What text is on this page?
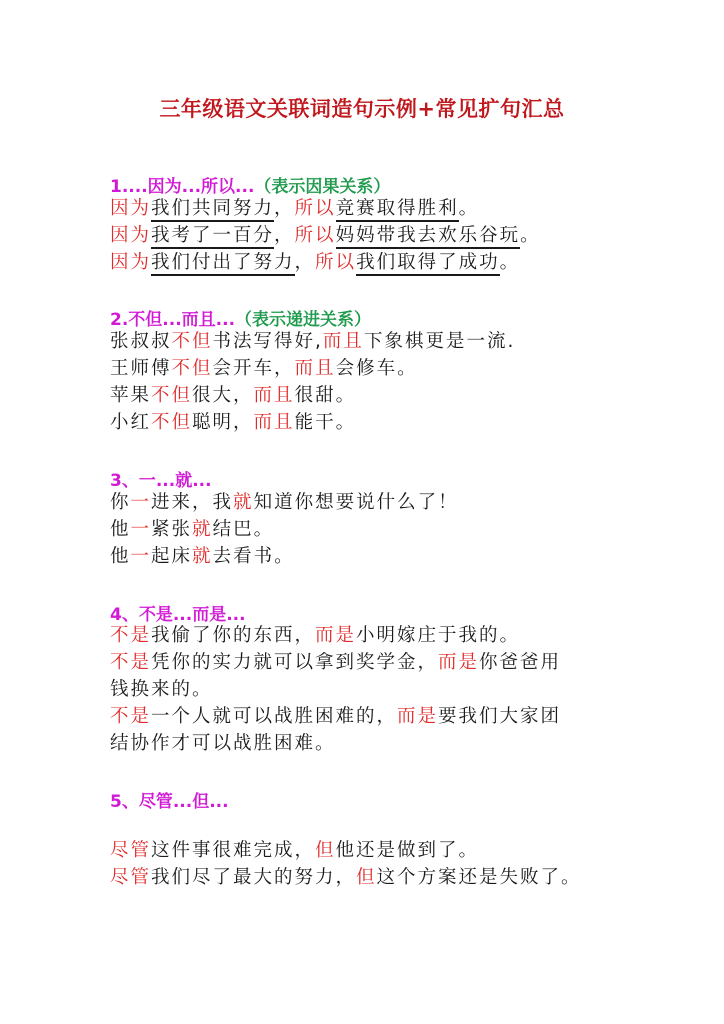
三年级语文关联词造句示例+常见扩句汇总
1....因为...所以...（表示因果关系）
因为我们共同努力，所以竞赛取得胜利。
因为我考了一百分，所以妈妈带我去欢乐谷玩。
因为我们付出了努力，所以我们取得了成功。
2.不但...而且...（表示递进关系）
张叔叔不但书法写得好,而且下象棋更是一流.
王师傅不但会开车，而且会修车。
苹果不但很大，而且很甜。
小红不但聪明，而且能干。
3、一...就...
你一进来，我就知道你想要说什么了！
他一紧张就结巴。
他一起床就去看书。
4、不是...而是...
不是我偷了你的东西，而是小明嫁庄于我的。
不是凭你的实力就可以拿到奖学金，而是你爸爸用
钱换来的。
不是一个人就可以战胜困难的，而是要我们大家团
结协作才可以战胜困难。
5、尽管...但...
尽管这件事很难完成，但他还是做到了。
尽管我们尽了最大的努力，但这个方案还是失败了。
